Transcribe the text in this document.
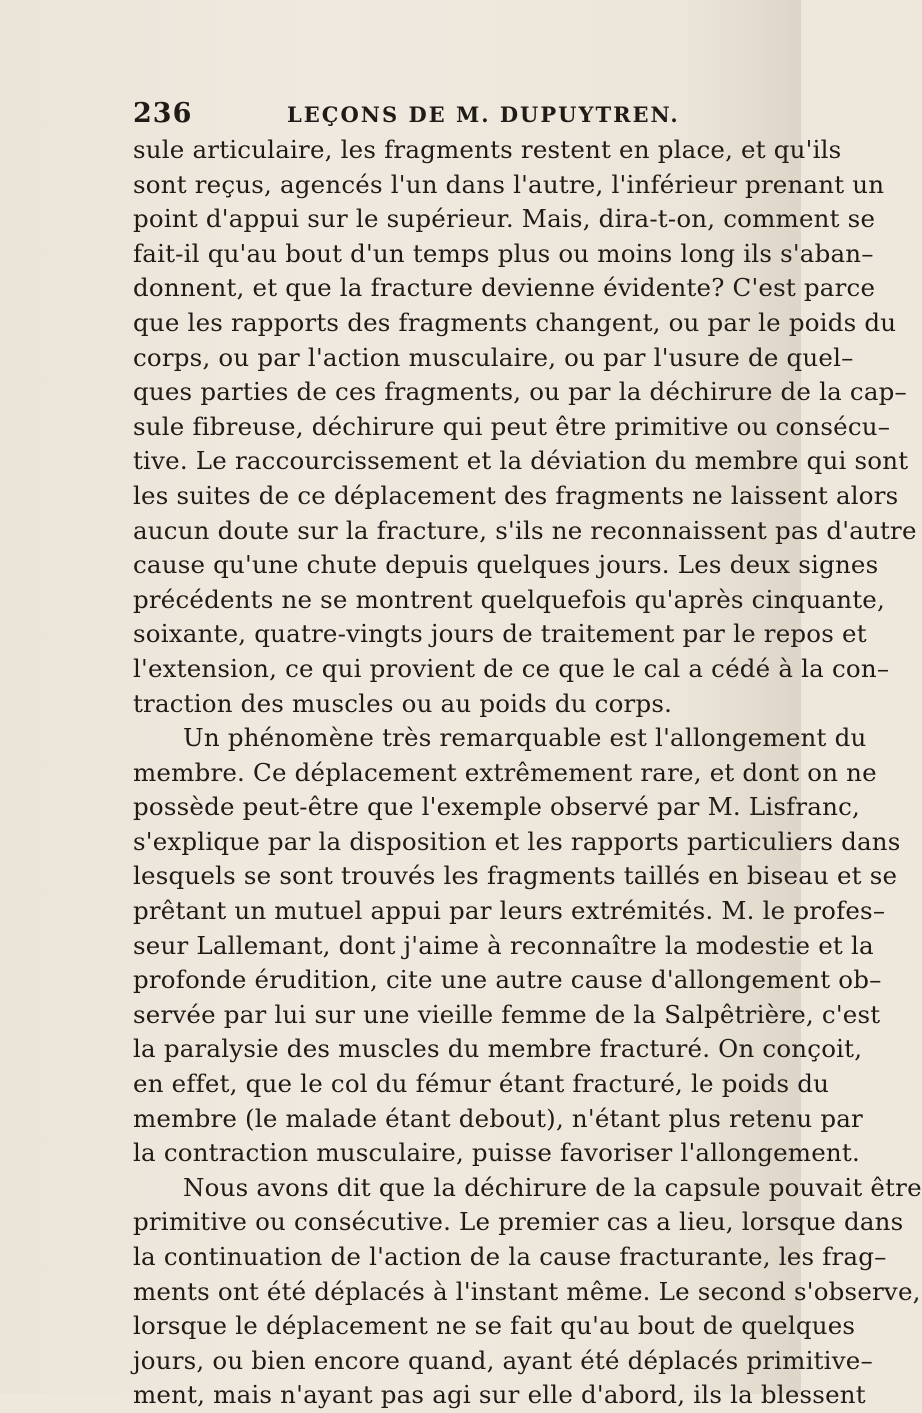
236	LEÇONS DE M. DUPUYTREN.
sule articulaire, les fragments restent en place, et qu'ils
sont reçus, agencés l'un dans l'autre, l'inférieur prenant un
point d'appui sur le supérieur. Mais, dira-t-on, comment se
fait-il qu'au bout d'un temps plus ou moins long ils s'aban–
donnent, et que la fracture devienne évidente? C'est parce
que les rapports des fragments changent, ou par le poids du
corps, ou par l'action musculaire, ou par l'usure de quel–
ques parties de ces fragments, ou par la déchirure de la cap–
sule fibreuse, déchirure qui peut être primitive ou consécu–
tive. Le raccourcissement et la déviation du membre qui sont
les suites de ce déplacement des fragments ne laissent alors
aucun doute sur la fracture, s'ils ne reconnaissent pas d'autre
cause qu'une chute depuis quelques jours. Les deux signes
précédents ne se montrent quelquefois qu'après cinquante,
soixante, quatre-vingts jours de traitement par le repos et
l'extension, ce qui provient de ce que le cal a cédé à la con–
traction des muscles ou au poids du corps.
Un phénomène très remarquable est l'allongement du
membre. Ce déplacement extrêmement rare, et dont on ne
possède peut-être que l'exemple observé par M. Lisfranc,
s'explique par la disposition et les rapports particuliers dans
lesquels se sont trouvés les fragments taillés en biseau et se
prêtant un mutuel appui par leurs extrémités. M. le profes–
seur Lallemant, dont j'aime à reconnaître la modestie et la
profonde érudition, cite une autre cause d'allongement ob–
servée par lui sur une vieille femme de la Salpêtrière, c'est
la paralysie des muscles du membre fracturé. On conçoit,
en effet, que le col du fémur étant fracturé, le poids du
membre (le malade étant debout), n'étant plus retenu par
la contraction musculaire, puisse favoriser l'allongement.
Nous avons dit que la déchirure de la capsule pouvait être
primitive ou consécutive. Le premier cas a lieu, lorsque dans
la continuation de l'action de la cause fracturante, les frag–
ments ont été déplacés à l'instant même. Le second s'observe,
lorsque le déplacement ne se fait qu'au bout de quelques
jours, ou bien encore quand, ayant été déplacés primitive–
ment, mais n'ayant pas agi sur elle d'abord, ils la blessent
